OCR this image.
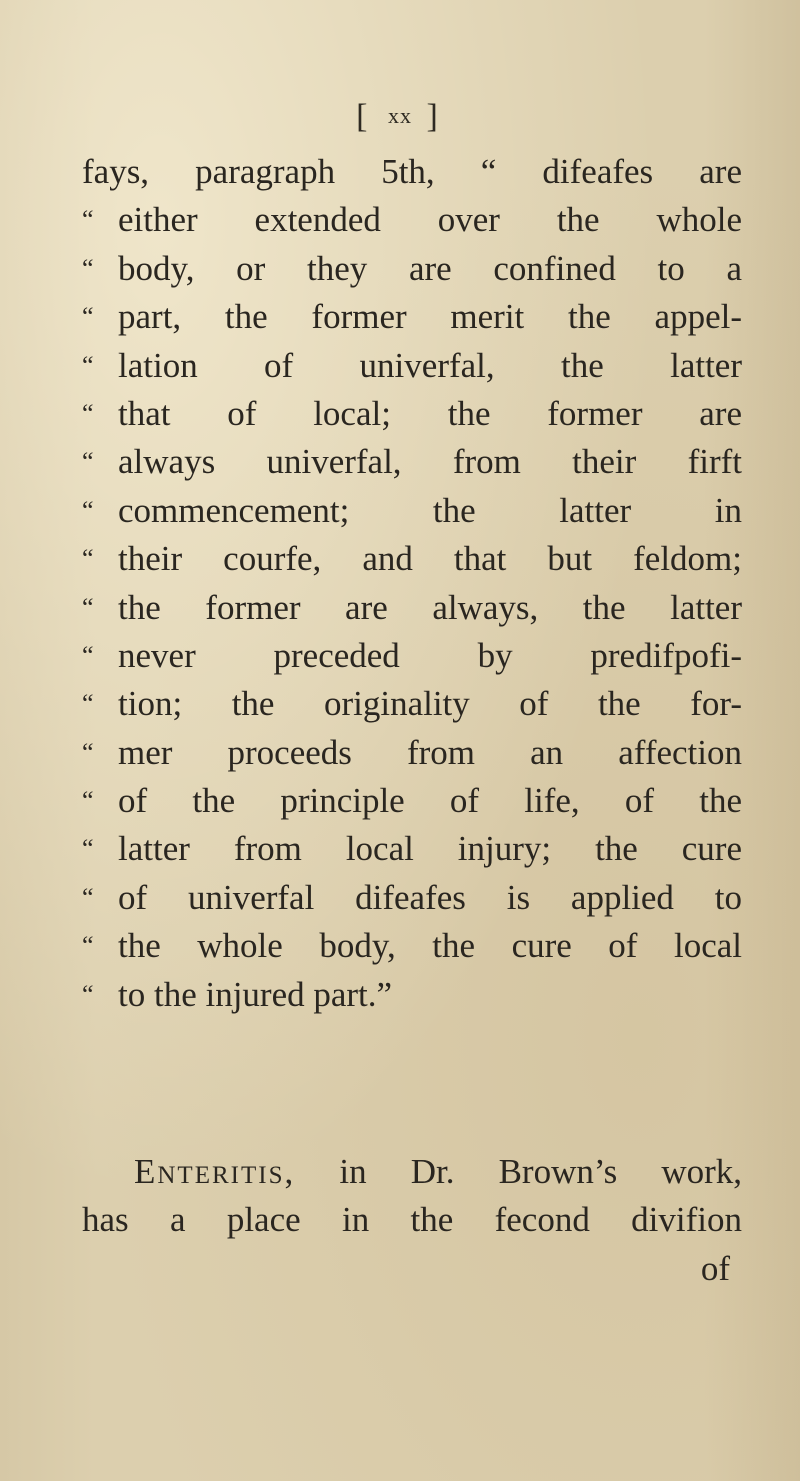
[ xx ]
fays, paragraph 5th, “ difeafes are
“ either extended over the whole
“ body, or they are confined to a
“ part, the former merit the appel-
“ lation of univerfal, the latter
“ that of local; the former are
“ always univerfal, from their firft
“ commencement; the latter in
“ their courfe, and that but feldom;
“ the former are always, the latter
“ never preceded by predifpofi-
“ tion; the originality of the for-
“ mer proceeds from an affection
“ of the principle of life, of the
“ latter from local injury; the cure
“ of univerfal difeafes is applied to
“ the whole body, the cure of local
“ to the injured part.”
Enteritis, in Dr. Brown’s work,
has a place in the fecond divifion
of
